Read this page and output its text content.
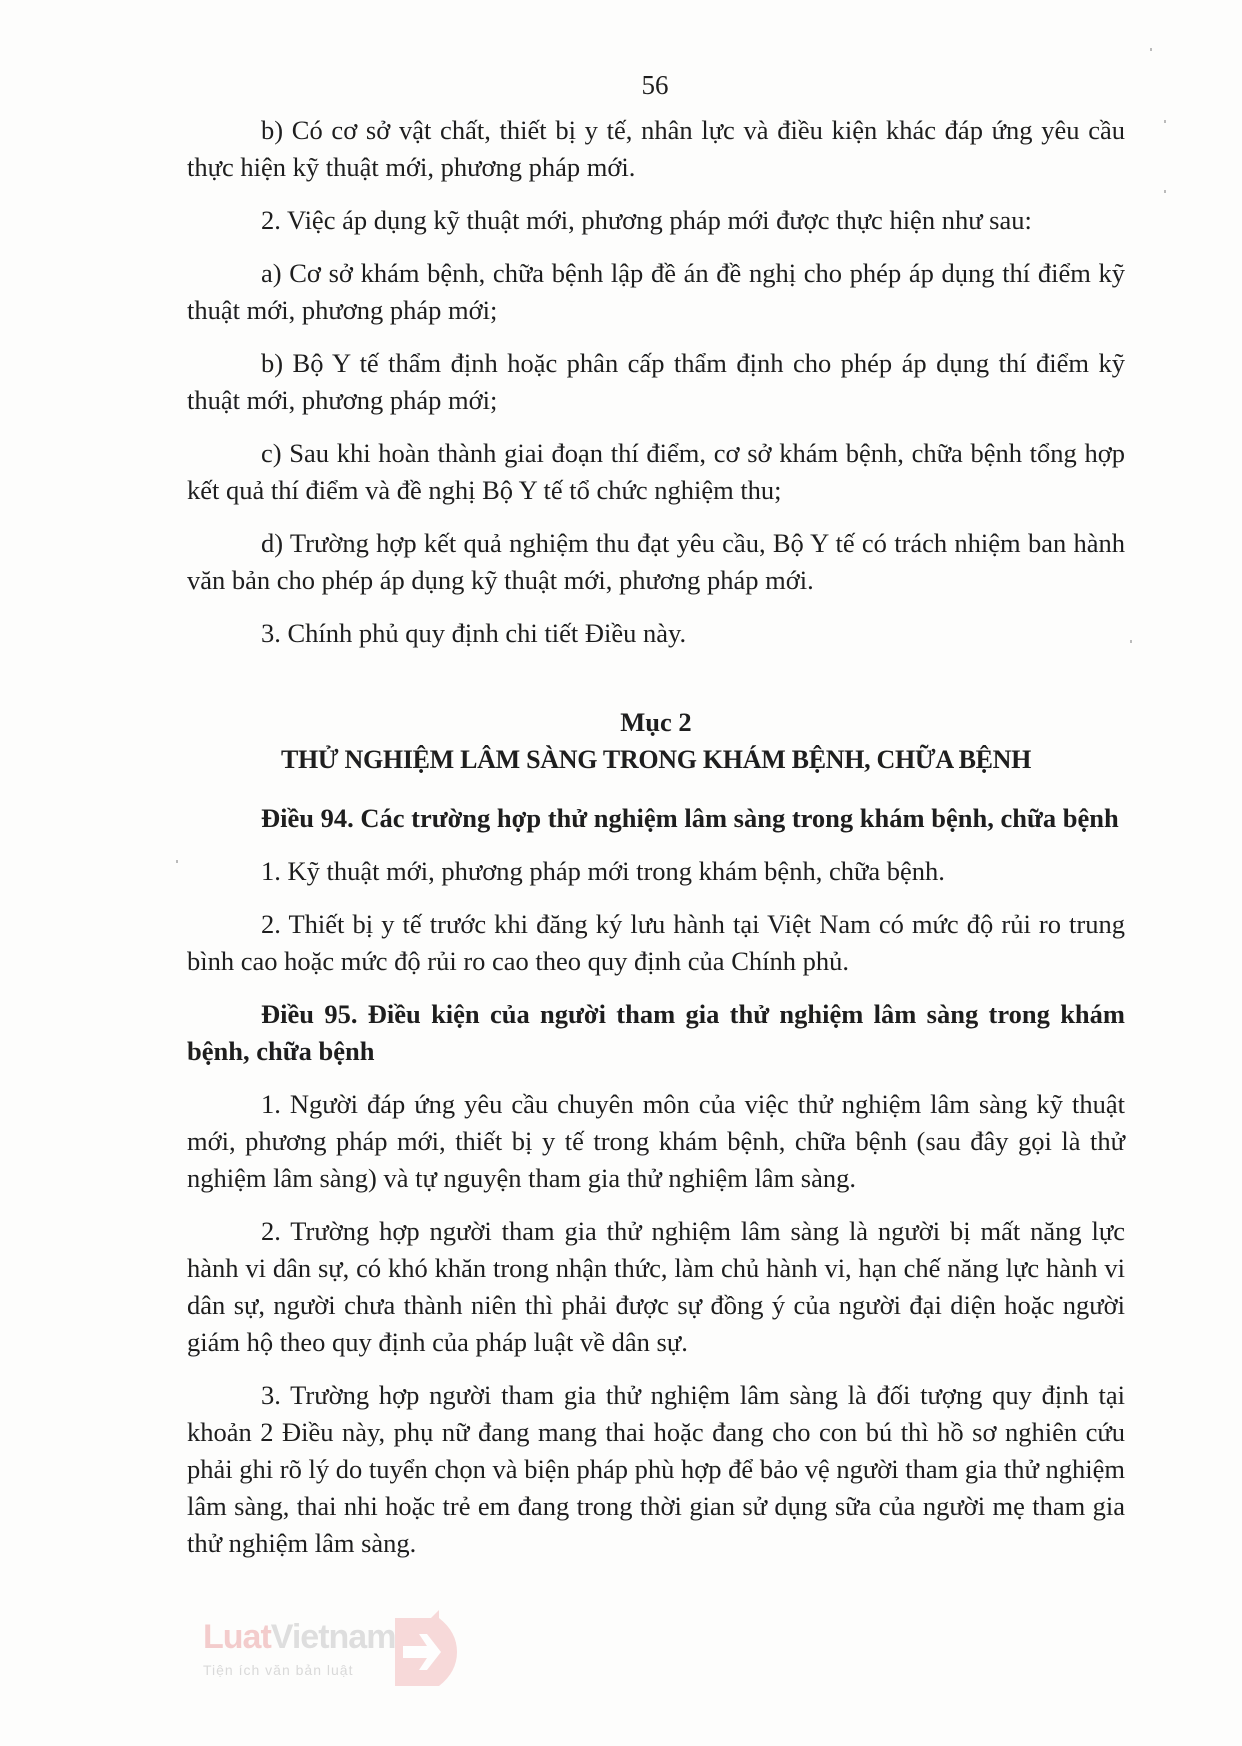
56

b) Có cơ sở vật chất, thiết bị y tế, nhân lực và điều kiện khác đáp ứng yêu cầu thực hiện kỹ thuật mới, phương pháp mới.

2. Việc áp dụng kỹ thuật mới, phương pháp mới được thực hiện như sau:

a) Cơ sở khám bệnh, chữa bệnh lập đề án đề nghị cho phép áp dụng thí điểm kỹ thuật mới, phương pháp mới;

b) Bộ Y tế thẩm định hoặc phân cấp thẩm định cho phép áp dụng thí điểm kỹ thuật mới, phương pháp mới;

c) Sau khi hoàn thành giai đoạn thí điểm, cơ sở khám bệnh, chữa bệnh tổng hợp kết quả thí điểm và đề nghị Bộ Y tế tổ chức nghiệm thu;

d) Trường hợp kết quả nghiệm thu đạt yêu cầu, Bộ Y tế có trách nhiệm ban hành văn bản cho phép áp dụng kỹ thuật mới, phương pháp mới.

3. Chính phủ quy định chi tiết Điều này.

Mục 2

THỬ NGHIỆM LÂM SÀNG TRONG KHÁM BỆNH, CHỮA BỆNH

Điều 94. Các trường hợp thử nghiệm lâm sàng trong khám bệnh, chữa bệnh

1. Kỹ thuật mới, phương pháp mới trong khám bệnh, chữa bệnh.

2. Thiết bị y tế trước khi đăng ký lưu hành tại Việt Nam có mức độ rủi ro trung bình cao hoặc mức độ rủi ro cao theo quy định của Chính phủ.

Điều 95. Điều kiện của người tham gia thử nghiệm lâm sàng trong khám bệnh, chữa bệnh

1. Người đáp ứng yêu cầu chuyên môn của việc thử nghiệm lâm sàng kỹ thuật mới, phương pháp mới, thiết bị y tế trong khám bệnh, chữa bệnh (sau đây gọi là thử nghiệm lâm sàng) và tự nguyện tham gia thử nghiệm lâm sàng.

2. Trường hợp người tham gia thử nghiệm lâm sàng là người bị mất năng lực hành vi dân sự, có khó khăn trong nhận thức, làm chủ hành vi, hạn chế năng lực hành vi dân sự, người chưa thành niên thì phải được sự đồng ý của người đại diện hoặc người giám hộ theo quy định của pháp luật về dân sự.

3. Trường hợp người tham gia thử nghiệm lâm sàng là đối tượng quy định tại khoản 2 Điều này, phụ nữ đang mang thai hoặc đang cho con bú thì hồ sơ nghiên cứu phải ghi rõ lý do tuyển chọn và biện pháp phù hợp để bảo vệ người tham gia thử nghiệm lâm sàng, thai nhi hoặc trẻ em đang trong thời gian sử dụng sữa của người mẹ tham gia thử nghiệm lâm sàng.

LuatVietnam
Tiện ích văn bản luật
